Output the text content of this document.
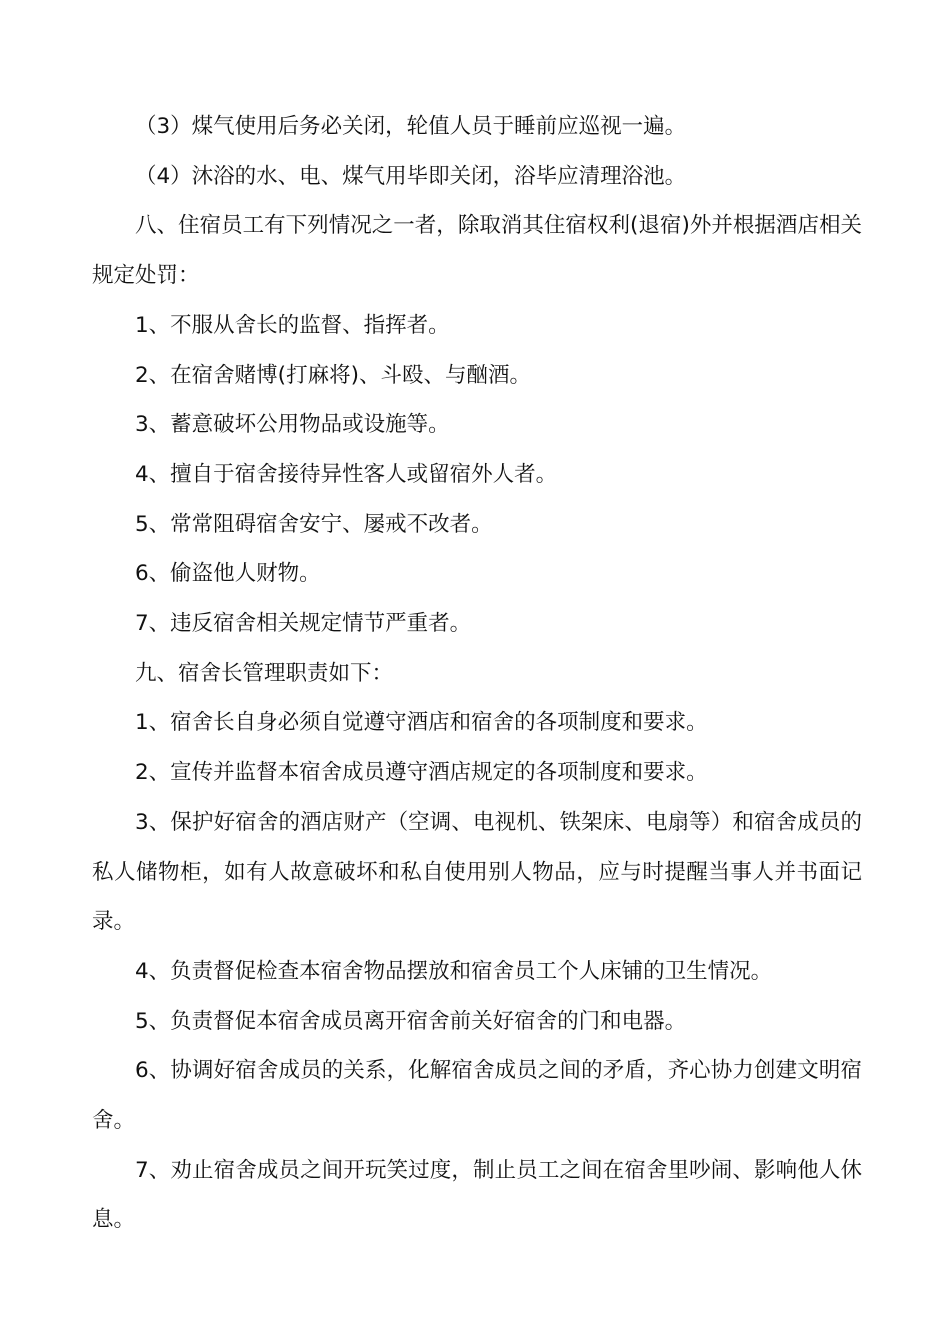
（3）煤气使用后务必关闭，轮值人员于睡前应巡视一遍。

（4）沐浴的水、电、煤气用毕即关闭，浴毕应清理浴池。

八、住宿员工有下列情况之一者，除取消其住宿权利(退宿)外并根据酒店相关规定处罚：

1、不服从舍长的监督、指挥者。

2、在宿舍赌博(打麻将)、斗殴、与酗酒。

3、蓄意破坏公用物品或设施等。

4、擅自于宿舍接待异性客人或留宿外人者。

5、常常阻碍宿舍安宁、屡戒不改者。

6、偷盗他人财物。

7、违反宿舍相关规定情节严重者。

九、宿舍长管理职责如下：

1、宿舍长自身必须自觉遵守酒店和宿舍的各项制度和要求。

2、宣传并监督本宿舍成员遵守酒店规定的各项制度和要求。

3、保护好宿舍的酒店财产（空调、电视机、铁架床、电扇等）和宿舍成员的私人储物柜，如有人故意破坏和私自使用别人物品，应与时提醒当事人并书面记录。

4、负责督促检查本宿舍物品摆放和宿舍员工个人床铺的卫生情况。

5、负责督促本宿舍成员离开宿舍前关好宿舍的门和电器。

6、协调好宿舍成员的关系，化解宿舍成员之间的矛盾，齐心协力创建文明宿舍。

7、劝止宿舍成员之间开玩笑过度，制止员工之间在宿舍里吵闹、影响他人休息。
